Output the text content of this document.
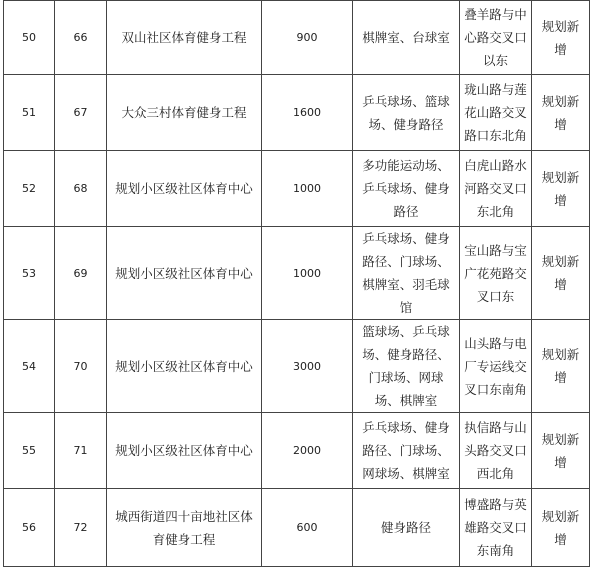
50	66	双山社区体育健身工程	900	棋牌室、台球室	叠羊路与中心路交叉口以东	规划新增
51	67	大众三村体育健身工程	1600	乒乓球场、篮球场、健身路径	珑山路与莲花山路交叉路口东北角	规划新增
52	68	规划小区级社区体育中心	1000	多功能运动场、乒乓球场、健身路径	白虎山路水河路交叉口东北角	规划新增
53	69	规划小区级社区体育中心	1000	乒乓球场、健身路径、门球场、棋牌室、羽毛球馆	宝山路与宝广花苑路交叉口东	规划新增
54	70	规划小区级社区体育中心	3000	篮球场、乒乓球场、健身路径、门球场、网球场、棋牌室	山头路与电厂专运线交叉口东南角	规划新增
55	71	规划小区级社区体育中心	2000	乒乓球场、健身路径、门球场、网球场、棋牌室	执信路与山头路交叉口西北角	规划新增
56	72	城西街道四十亩地社区体育健身工程	600	健身路径	博盛路与英雄路交叉口东南角	规划新增
